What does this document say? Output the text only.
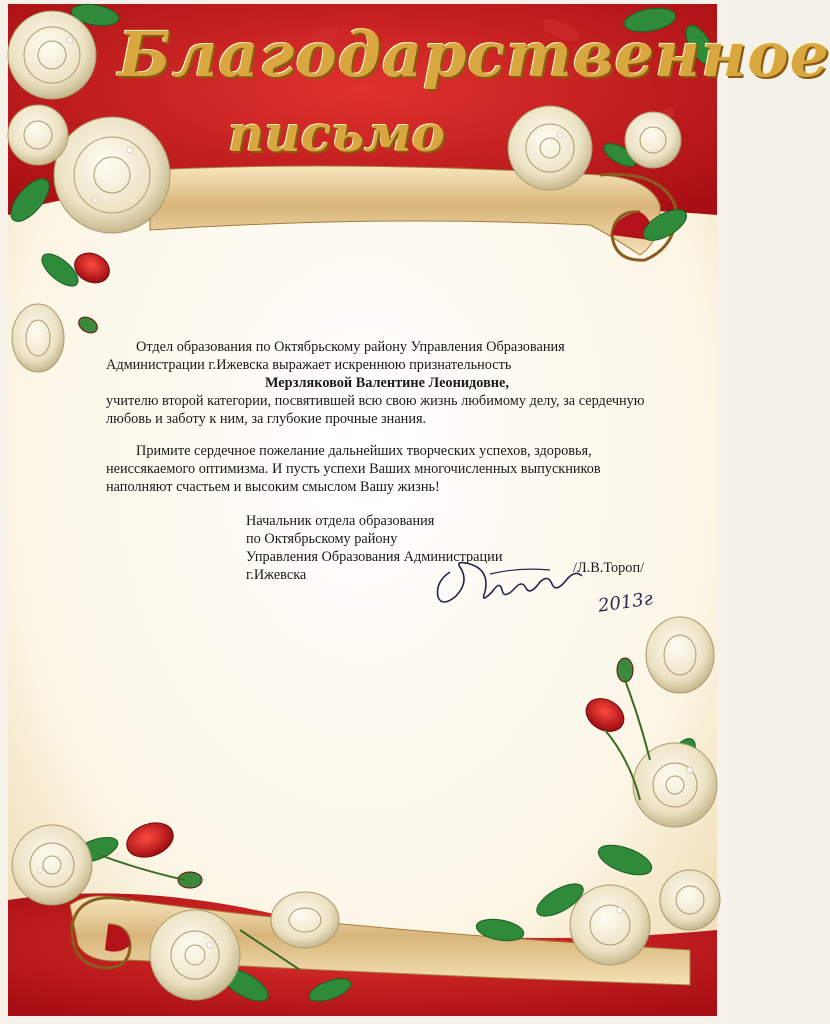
Благодарственное
письмо
Отдел образования по Октябрьскому району Управления Образования
Администрации г.Ижевска выражает искреннюю признательность
Мерзляковой Валентине Леонидовне,
учителю второй категории, посвятившей всю свою жизнь любимому делу, за сердечную
любовь и заботу к ним, за глубокие прочные знания.
Примите сердечное пожелание дальнейших творческих успехов, здоровья,
неиссякаемого оптимизма. И пусть успехи Ваших многочисленных выпускников
наполняют счастьем и высоким смыслом Вашу жизнь!
Начальник отдела образования
по Октябрьскому району
Управления Образования Администрации
г.Ижевска	/Л.В.Тороп/
2013г
